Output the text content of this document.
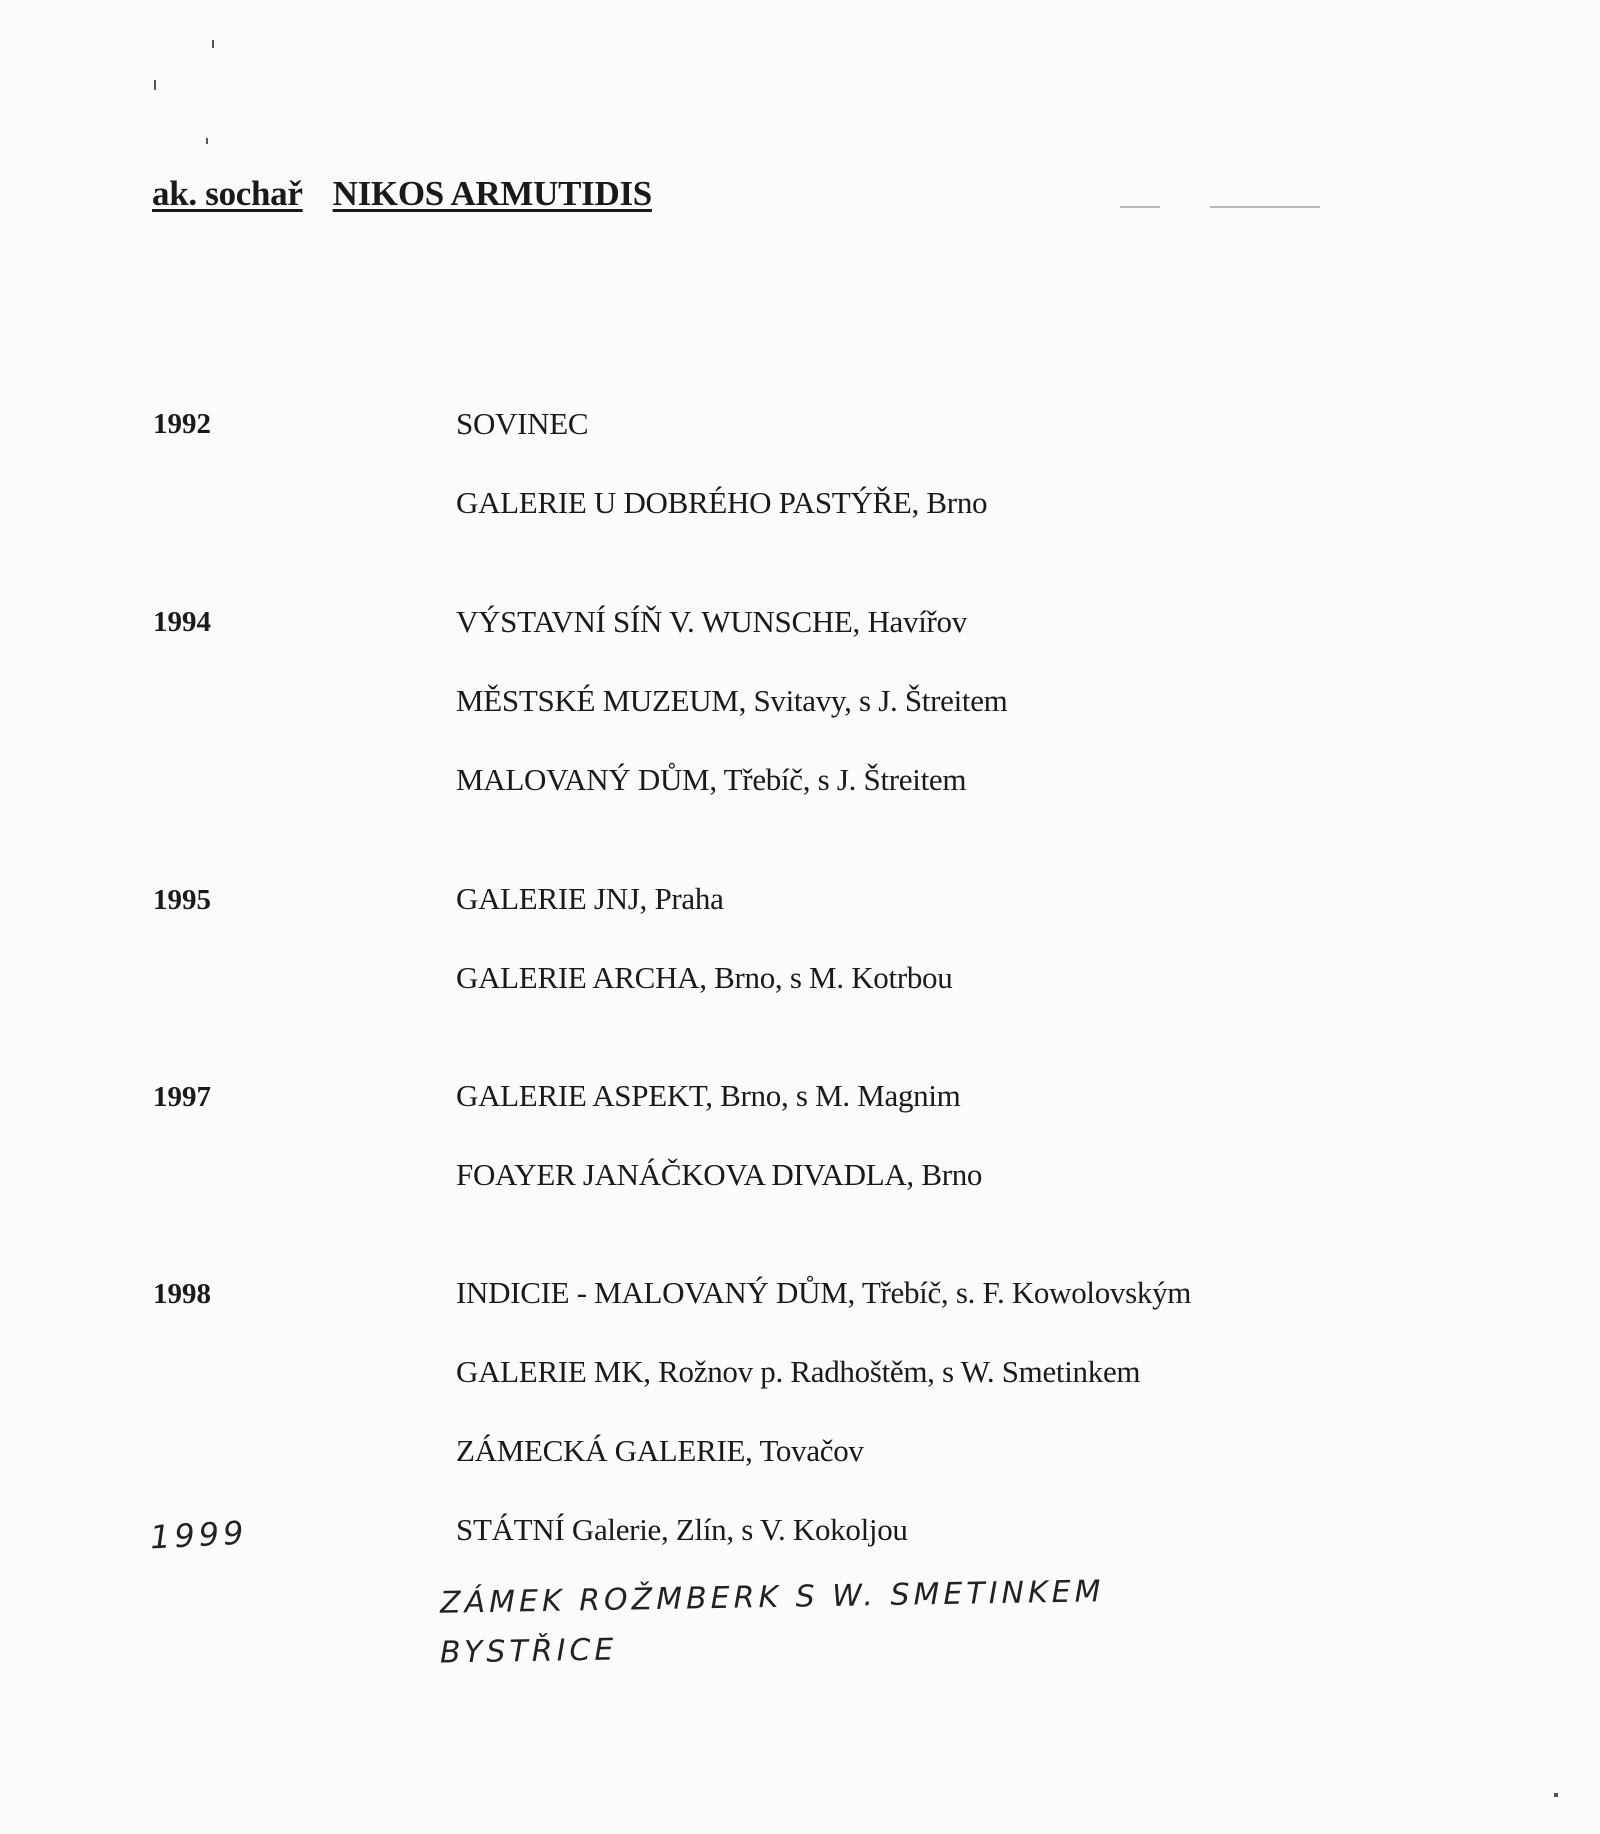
ak. sochař NIKOS ARMUTIDIS
1992
1994
1995
1997
1998
SOVINEC
GALERIE U DOBRÉHO PASTÝŘE, Brno
VÝSTAVNÍ SÍŇ V. WUNSCHE, Havířov
MĚSTSKÉ MUZEUM, Svitavy, s J. Štreitem
MALOVANÝ DŮM, Třebíč, s J. Štreitem
GALERIE JNJ, Praha
GALERIE ARCHA, Brno, s M. Kotrbou
GALERIE ASPEKT, Brno, s M. Magnim
FOAYER JANÁČKOVA DIVADLA, Brno
INDICIE - MALOVANÝ DŮM, Třebíč, s. F. Kowolovským
GALERIE MK, Rožnov p. Radhoštěm, s W. Smetinkem
ZÁMECKÁ GALERIE, Tovačov
STÁTNÍ Galerie, Zlín, s V. Kokoljou
1999
ZÁMEK ROŽMBERK S W. SMETINKEM
BYSTŘICE
